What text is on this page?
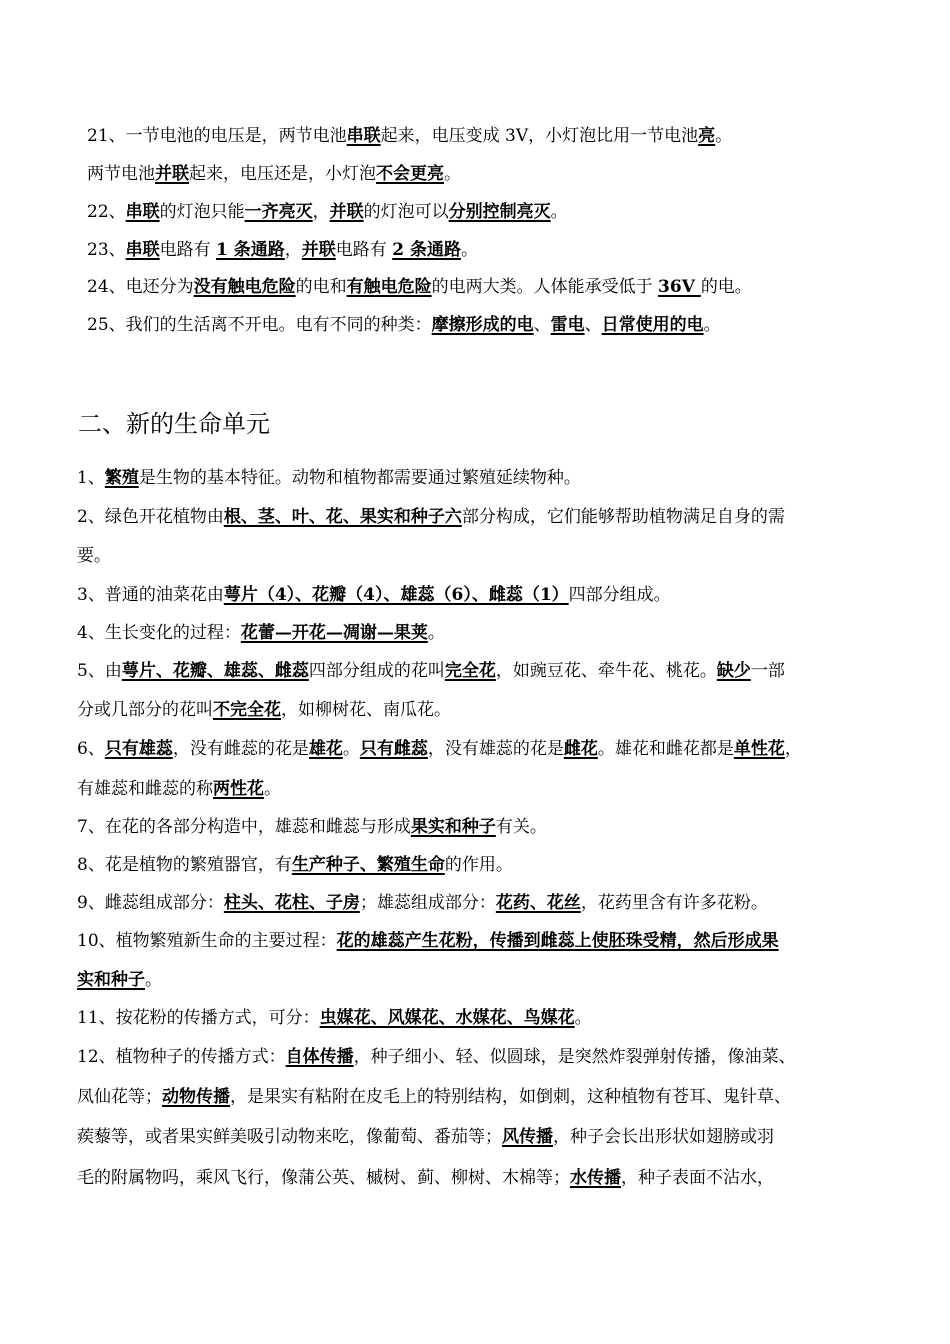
21、一节电池的电压是，两节电池串联起来，电压变成 3V，小灯泡比用一节电池亮。
两节电池并联起来，电压还是，小灯泡不会更亮。
22、串联的灯泡只能一齐亮灭，并联的灯泡可以分别控制亮灭。
23、串联电路有 1 条通路，并联电路有 2 条通路。
24、电还分为没有触电危险的电和有触电危险的电两大类。人体能承受低于 36V 的电。
25、我们的生活离不开电。电有不同的种类：摩擦形成的电、雷电、日常使用的电。
二、新的生命单元
1、繁殖是生物的基本特征。动物和植物都需要通过繁殖延续物种。
2、绿色开花植物由根、茎、叶、花、果实和种子六部分构成，它们能够帮助植物满足自身的需
要。
3、普通的油菜花由萼片（4）、花瓣（4）、雄蕊（6）、雌蕊（1）四部分组成。
4、生长变化的过程：花蕾—开花—凋谢—果荚。
5、由萼片、花瓣、雄蕊、雌蕊四部分组成的花叫完全花，如豌豆花、牵牛花、桃花。缺少一部
分或几部分的花叫不完全花，如柳树花、南瓜花。
6、只有雄蕊，没有雌蕊的花是雄花。只有雌蕊，没有雄蕊的花是雌花。雄花和雌花都是单性花，
有雄蕊和雌蕊的称两性花。
7、在花的各部分构造中，雄蕊和雌蕊与形成果实和种子有关。
8、花是植物的繁殖器官，有生产种子、繁殖生命的作用。
9、雌蕊组成部分：柱头、花柱、子房；雄蕊组成部分：花药、花丝，花药里含有许多花粉。
10、植物繁殖新生命的主要过程：花的雄蕊产生花粉，传播到雌蕊上使胚珠受精，然后形成果
实和种子。
11、按花粉的传播方式，可分：虫媒花、风媒花、水媒花、鸟媒花。
12、植物种子的传播方式：自体传播，种子细小、轻、似圆球，是突然炸裂弹射传播，像油菜、
凤仙花等；动物传播，是果实有粘附在皮毛上的特别结构，如倒刺，这种植物有苍耳、鬼针草、
蒺藜等，或者果实鲜美吸引动物来吃，像葡萄、番茄等；风传播，种子会长出形状如翅膀或羽
毛的附属物吗，乘风飞行，像蒲公英、槭树、蓟、柳树、木棉等；水传播，种子表面不沾水，
